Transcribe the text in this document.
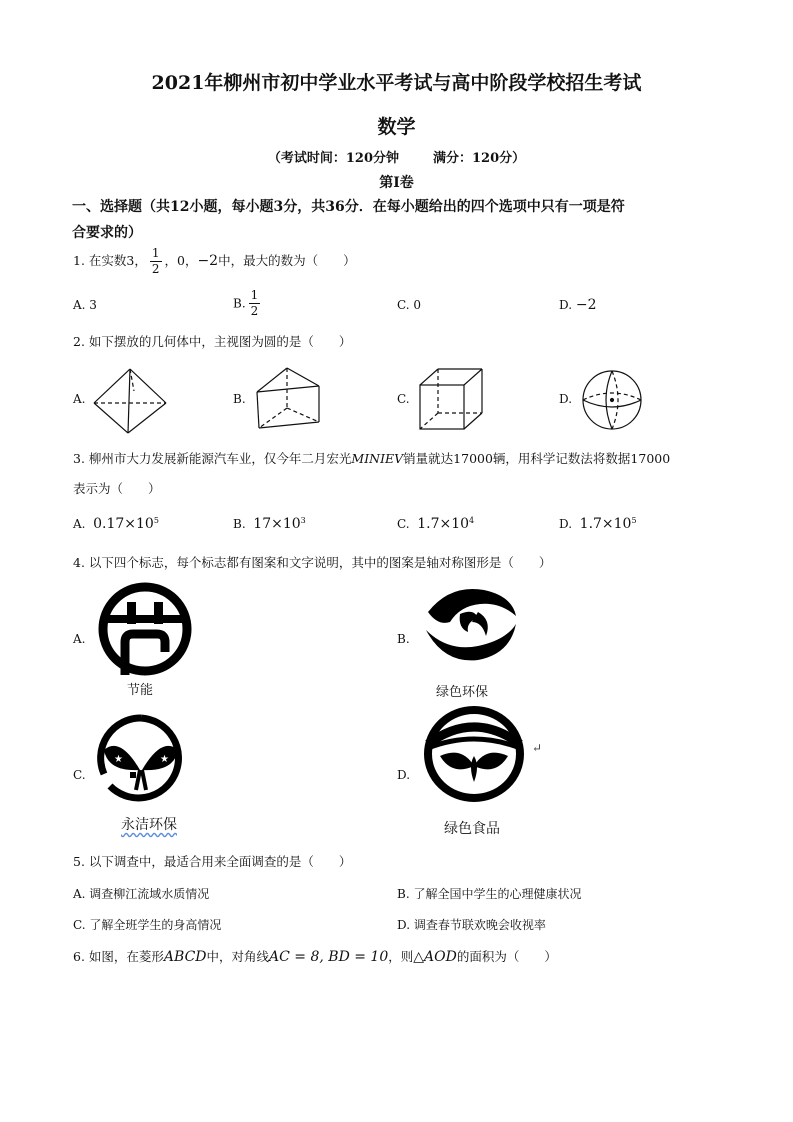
2021年柳州市初中学业水平考试与高中阶段学校招生考试
数学
（考试时间：120分钟	满分：120分）
第Ⅰ卷
一、选择题（共12小题，每小题3分，共36分．在每小题给出的四个选项中只有一项是符
合要求的）
1. 在实数3， $\frac{1}{2}$ ，0，−2中，最大的数为（　　）
A. 3	B. $\frac{1}{2}$	C. 0	D. −2
2. 如下摆放的几何体中，主视图为圆的是（　　）
A.	B.	C.	D.
3. 柳州市大力发展新能源汽车业，仅今年二月宏光MINIEV销量就达17000辆，用科学记数法将数据17000
表示为（　　）
A. $0.17\times 10^5$	B. $17\times 10^3$	C. $1.7\times 10^4$	D. $1.7\times 10^5$
4. 以下四个标志，每个标志都有图案和文字说明，其中的图案是轴对称图形是（　　）
A.
节能
B.
绿色环保
C.
★	★
永洁环保
D.
↵
绿色食品
5. 以下调查中，最适合用来全面调查的是（　　）
A. 调查柳江流域水质情况	B. 了解全国中学生的心理健康状况
C. 了解全班学生的身高情况	D. 调查春节联欢晚会收视率
6. 如图，在菱形ABCD中，对角线AC = 8, BD = 10，则△AOD的面积为（　　）
